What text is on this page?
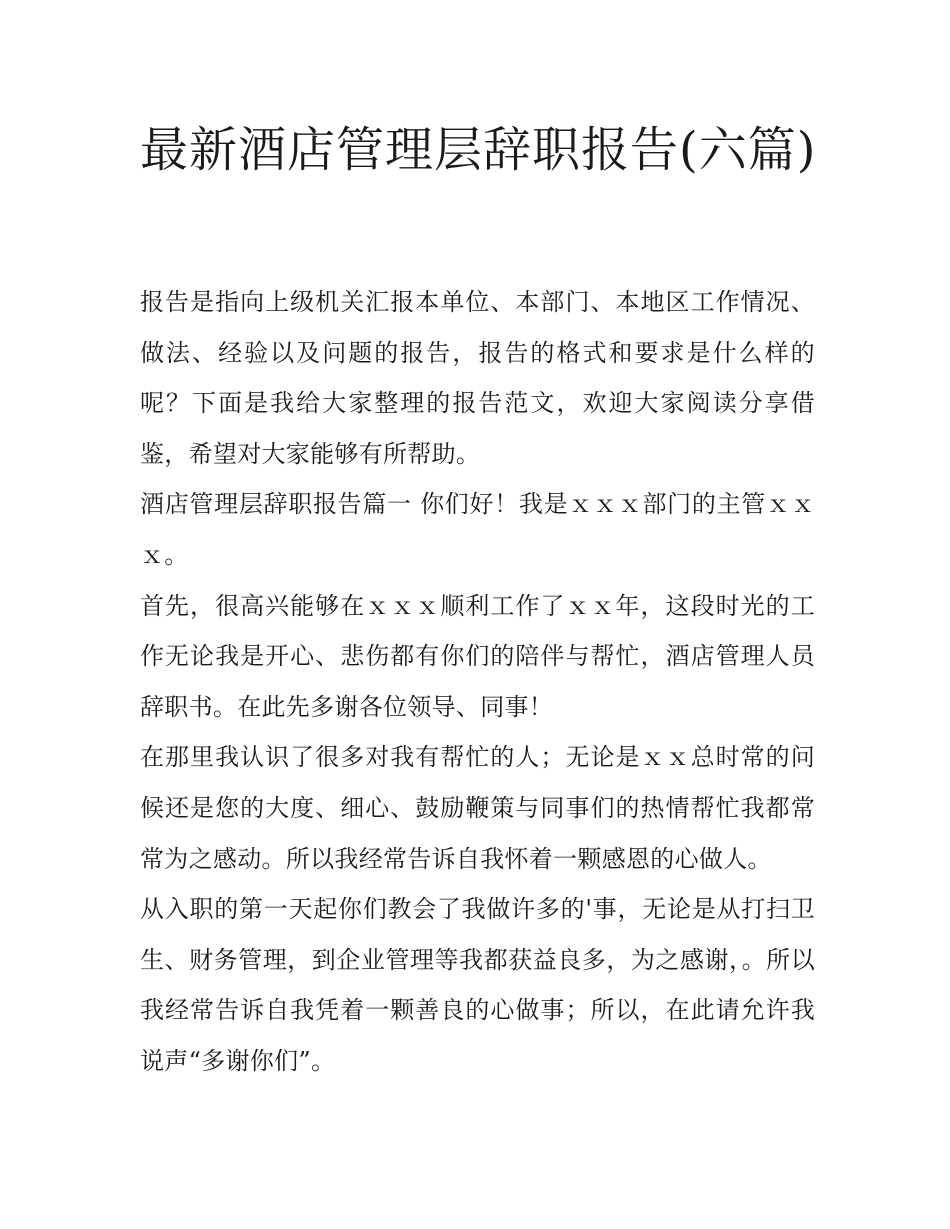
最新酒店管理层辞职报告(六篇)

报告是指向上级机关汇报本单位、本部门、本地区工作情况、做法、经验以及问题的报告，报告的格式和要求是什么样的呢？下面是我给大家整理的报告范文，欢迎大家阅读分享借鉴，希望对大家能够有所帮助。

酒店管理层辞职报告篇一 你们好！我是ｘｘｘ部门的主管ｘｘｘ。

首先，很高兴能够在ｘｘｘ顺利工作了ｘｘ年，这段时光的工作无论我是开心、悲伤都有你们的陪伴与帮忙，酒店管理人员辞职书。在此先多谢各位领导、同事！

在那里我认识了很多对我有帮忙的人；无论是ｘｘ总时常的问候还是您的大度、细心、鼓励鞭策与同事们的热情帮忙我都常常为之感动。所以我经常告诉自我怀着一颗感恩的心做人。

从入职的第一天起你们教会了我做许多的'事，无论是从打扫卫生、财务管理，到企业管理等我都获益良多，为之感谢，。所以我经常告诉自我凭着一颗善良的心做事；所以，在此请允许我说声“多谢你们”。
